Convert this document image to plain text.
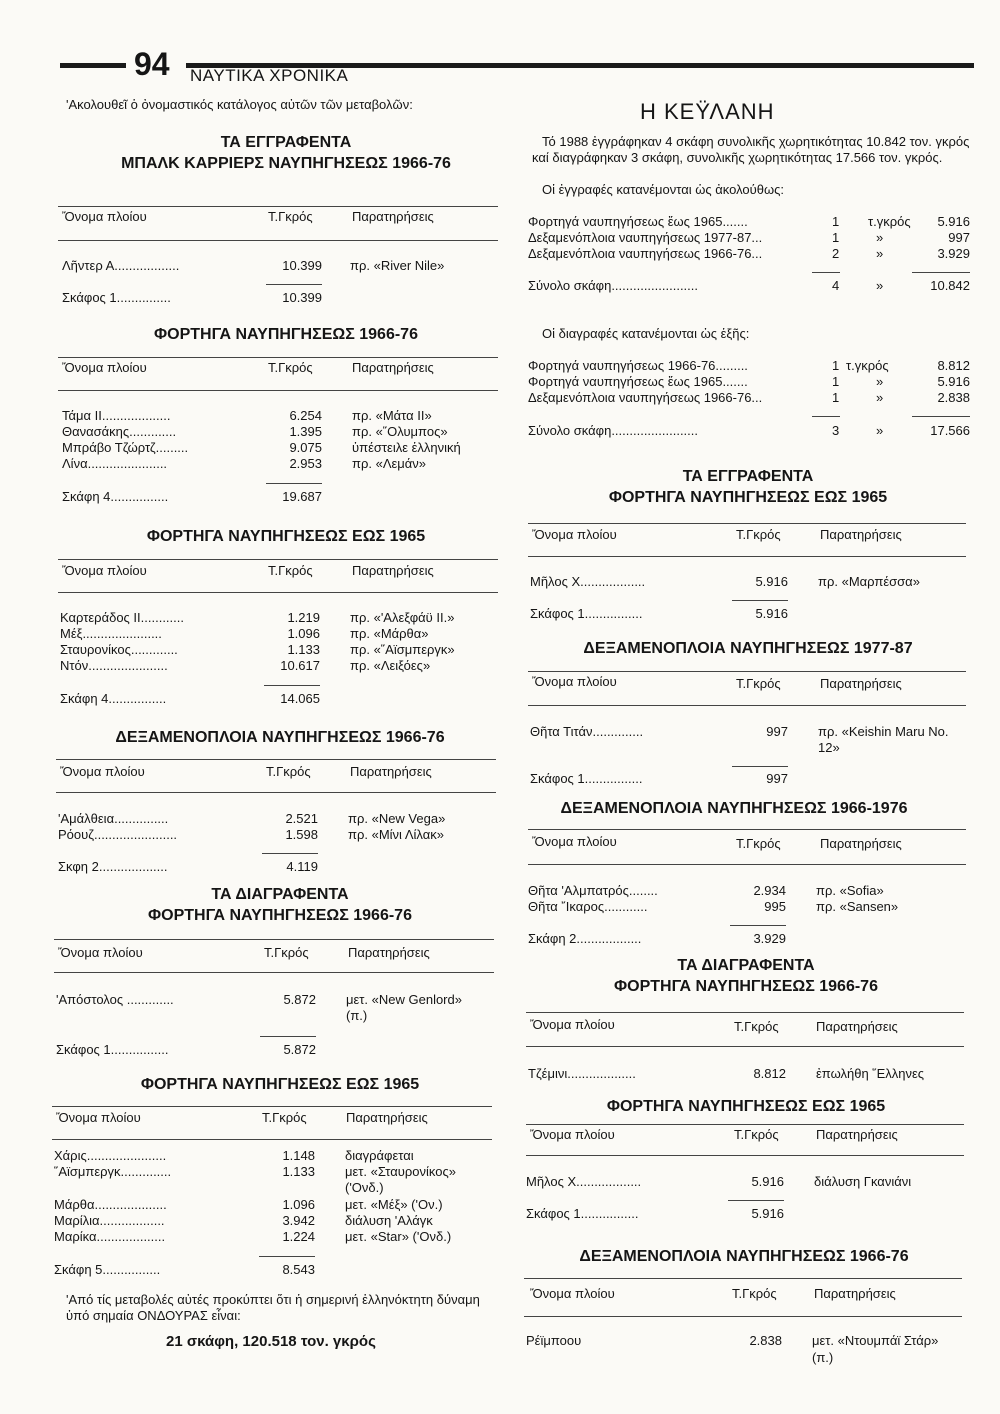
94 ΝΑΥΤΙΚΑ ΧΡΟΝΙΚΑ
'Ακολουθεῖ ὁ ὀνομαστικός κατάλογος αὐτῶν τῶν μεταβολῶν:
ΤΑ ΕΓΓΡΑΦΕΝΤΑ
ΜΠΑΛΚ ΚΑΡΡΙΕΡΣ ΝΑΥΠΗΓΗΣΕΩΣ 1966-76
Ὄνομα πλοίου	Τ.Γκρός	Παρατηρήσεις
Λῆντερ Α..................	10.399 πρ. «River Nile»
Σκάφος 1...............	10.399
ΦΟΡΤΗΓΑ ΝΑΥΠΗΓΗΣΕΩΣ 1966-76
Ὄνομα πλοίου	Τ.Γκρός	Παρατηρήσεις
Τάμα ΙΙ...................	6.254 πρ. «Μάτα ΙΙ»
Θανασάκης.............	1.395 πρ. «῞Ολυμπος»
Μπράβο Τζώρτζ.........	9.075 ὑπέστειλε ἑλληνική
Λίνα......................	2.953 πρ. «Λεμάν»
Σκάφη 4................	19.687
ΦΟΡΤΗΓΑ ΝΑΥΠΗΓΗΣΕΩΣ ΕΩΣ 1965
Ὄνομα πλοίου	Τ.Γκρός	Παρατηρήσεις
Καρτεράδος ΙΙ............	1.219 πρ. «'Αλεξφάϋ ΙΙ.»
Μέξ......................	1.096 πρ. «Μάρθα»
Σταυρονίκος.............	1.133 πρ. «῞Αϊσμπεργκ»
Ντόν......................	10.617 πρ. «Λειξόες»
Σκάφη 4................	14.065
ΔΕΞΑΜΕΝΟΠΛΟΙΑ ΝΑΥΠΗΓΗΣΕΩΣ 1966-76
Ὄνομα πλοίου	Τ.Γκρός	Παρατηρήσεις
'Αμάλθεια...............	2.521 πρ. «New Vega»
Ρόουζ.......................	1.598 πρ. «Μίνι Λίλακ»
Σκφη 2...................	4.119
ΤΑ ΔΙΑΓΡΑΦΕΝΤΑ
ΦΟΡΤΗΓΑ ΝΑΥΠΗΓΗΣΕΩΣ 1966-76
Ὄνομα πλοίου	Τ.Γκρός	Παρατηρήσεις
'Απόστολος .............	5.872 μετ. «New Genlord»
(π.)
Σκάφος 1................	5.872
ΦΟΡΤΗΓΑ ΝΑΥΠΗΓΗΣΕΩΣ ΕΩΣ 1965
Ὄνομα πλοίου	Τ.Γκρός	Παρατηρήσεις
Χάρις......................	1.148 διαγράφεται
῞Αϊσμπεργκ..............	1.133 μετ. «Σταυρονίκος»
('Ονδ.)
Μάρθα....................	1.096 μετ. «Μέξ» ('Ον.)
Μαρίλια..................	3.942 διάλυση 'Αλάγκ
Μαρίκα...................	1.224 μετ. «Star» ('Ονδ.)
Σκάφη 5................	8.543
'Από τίς μεταβολές αὐτές προκύπτει ὅτι ἡ σημερινή ἑλληνόκτητη δύναμη ὑπό σημαία ΟΝΔΟΥΡΑΣ εἶναι:
21 σκάφη, 120.518 τον. γκρός
Η ΚΕΫΛΑΝΗ
Τό 1988 ἐγγράφηκαν 4 σκάφη συνολικῆς χωρητικότητας 10.842 τον. γκρός καί διαγράφηκαν 3 σκάφη, συνολικῆς χωρητικότητας 17.566 τον. γκρός.
Οἱ ἐγγραφές κατανέμονται ὡς ἀκολούθως:
Φορτηγά ναυπηγήσεως ἕως 1965.......	1 τ.γκρός	5.916
Δεξαμενόπλοια ναυπηγήσεως 1977-87...	1	»	997
Δεξαμενόπλοια ναυπηγήσεως 1966-76...	2	»	3.929
Σύνολο σκάφη........................	4	»	10.842
Οἱ διαγραφές κατανέμονται ὡς ἑξῆς:
Φορτηγά ναυπηγήσεως 1966-76.........	1 τ.γκρός	8.812
Φορτηγά ναυπηγήσεως ἕως 1965.......	1	»	5.916
Δεξαμενόπλοια ναυπηγήσεως 1966-76...	1	»	2.838
Σύνολο σκάφη........................	3	»	17.566
ΤΑ ΕΓΓΡΑΦΕΝΤΑ
ΦΟΡΤΗΓΑ ΝΑΥΠΗΓΗΣΕΩΣ ΕΩΣ 1965
Ὄνομα πλοίου	Τ.Γκρός	Παρατηρήσεις
Μῆλος Χ..................	5.916 πρ. «Μαρπέσσα»
Σκάφος 1................	5.916
ΔΕΞΑΜΕΝΟΠΛΟΙΑ ΝΑΥΠΗΓΗΣΕΩΣ 1977-87
Ὄνομα πλοίου	Τ.Γκρός	Παρατηρήσεις
Θῆτα Τιτάν..............	997 πρ. «Keishin Maru No.
12»
Σκάφος 1................	997
ΔΕΞΑΜΕΝΟΠΛΟΙΑ ΝΑΥΠΗΓΗΣΕΩΣ 1966-1976
Ὄνομα πλοίου	Τ.Γκρός	Παρατηρήσεις
Θῆτα 'Αλμπατρός........	2.934 πρ. «Sofia»
Θῆτα ῎Ικαρος............	995 πρ. «Sansen»
Σκάφη 2..................	3.929
ΤΑ ΔΙΑΓΡΑΦΕΝΤΑ
ΦΟΡΤΗΓΑ ΝΑΥΠΗΓΗΣΕΩΣ 1966-76
Ὄνομα πλοίου	Τ.Γκρός	Παρατηρήσεις
Τζέμινι...................	8.812 ἐπωλήθη ῞Ελληνες
ΦΟΡΤΗΓΑ ΝΑΥΠΗΓΗΣΕΩΣ ΕΩΣ 1965
Ὄνομα πλοίου	Τ.Γκρός	Παρατηρήσεις
Μῆλος Χ..................	5.916 διάλυση Γκανιάνι
Σκάφος 1................	5.916
ΔΕΞΑΜΕΝΟΠΛΟΙΑ ΝΑΥΠΗΓΗΣΕΩΣ 1966-76
Ὄνομα πλοίου	Τ.Γκρός	Παρατηρήσεις
Ρέϊμποου	2.838 μετ. «Ντουμπάϊ Στάρ»
(π.)
